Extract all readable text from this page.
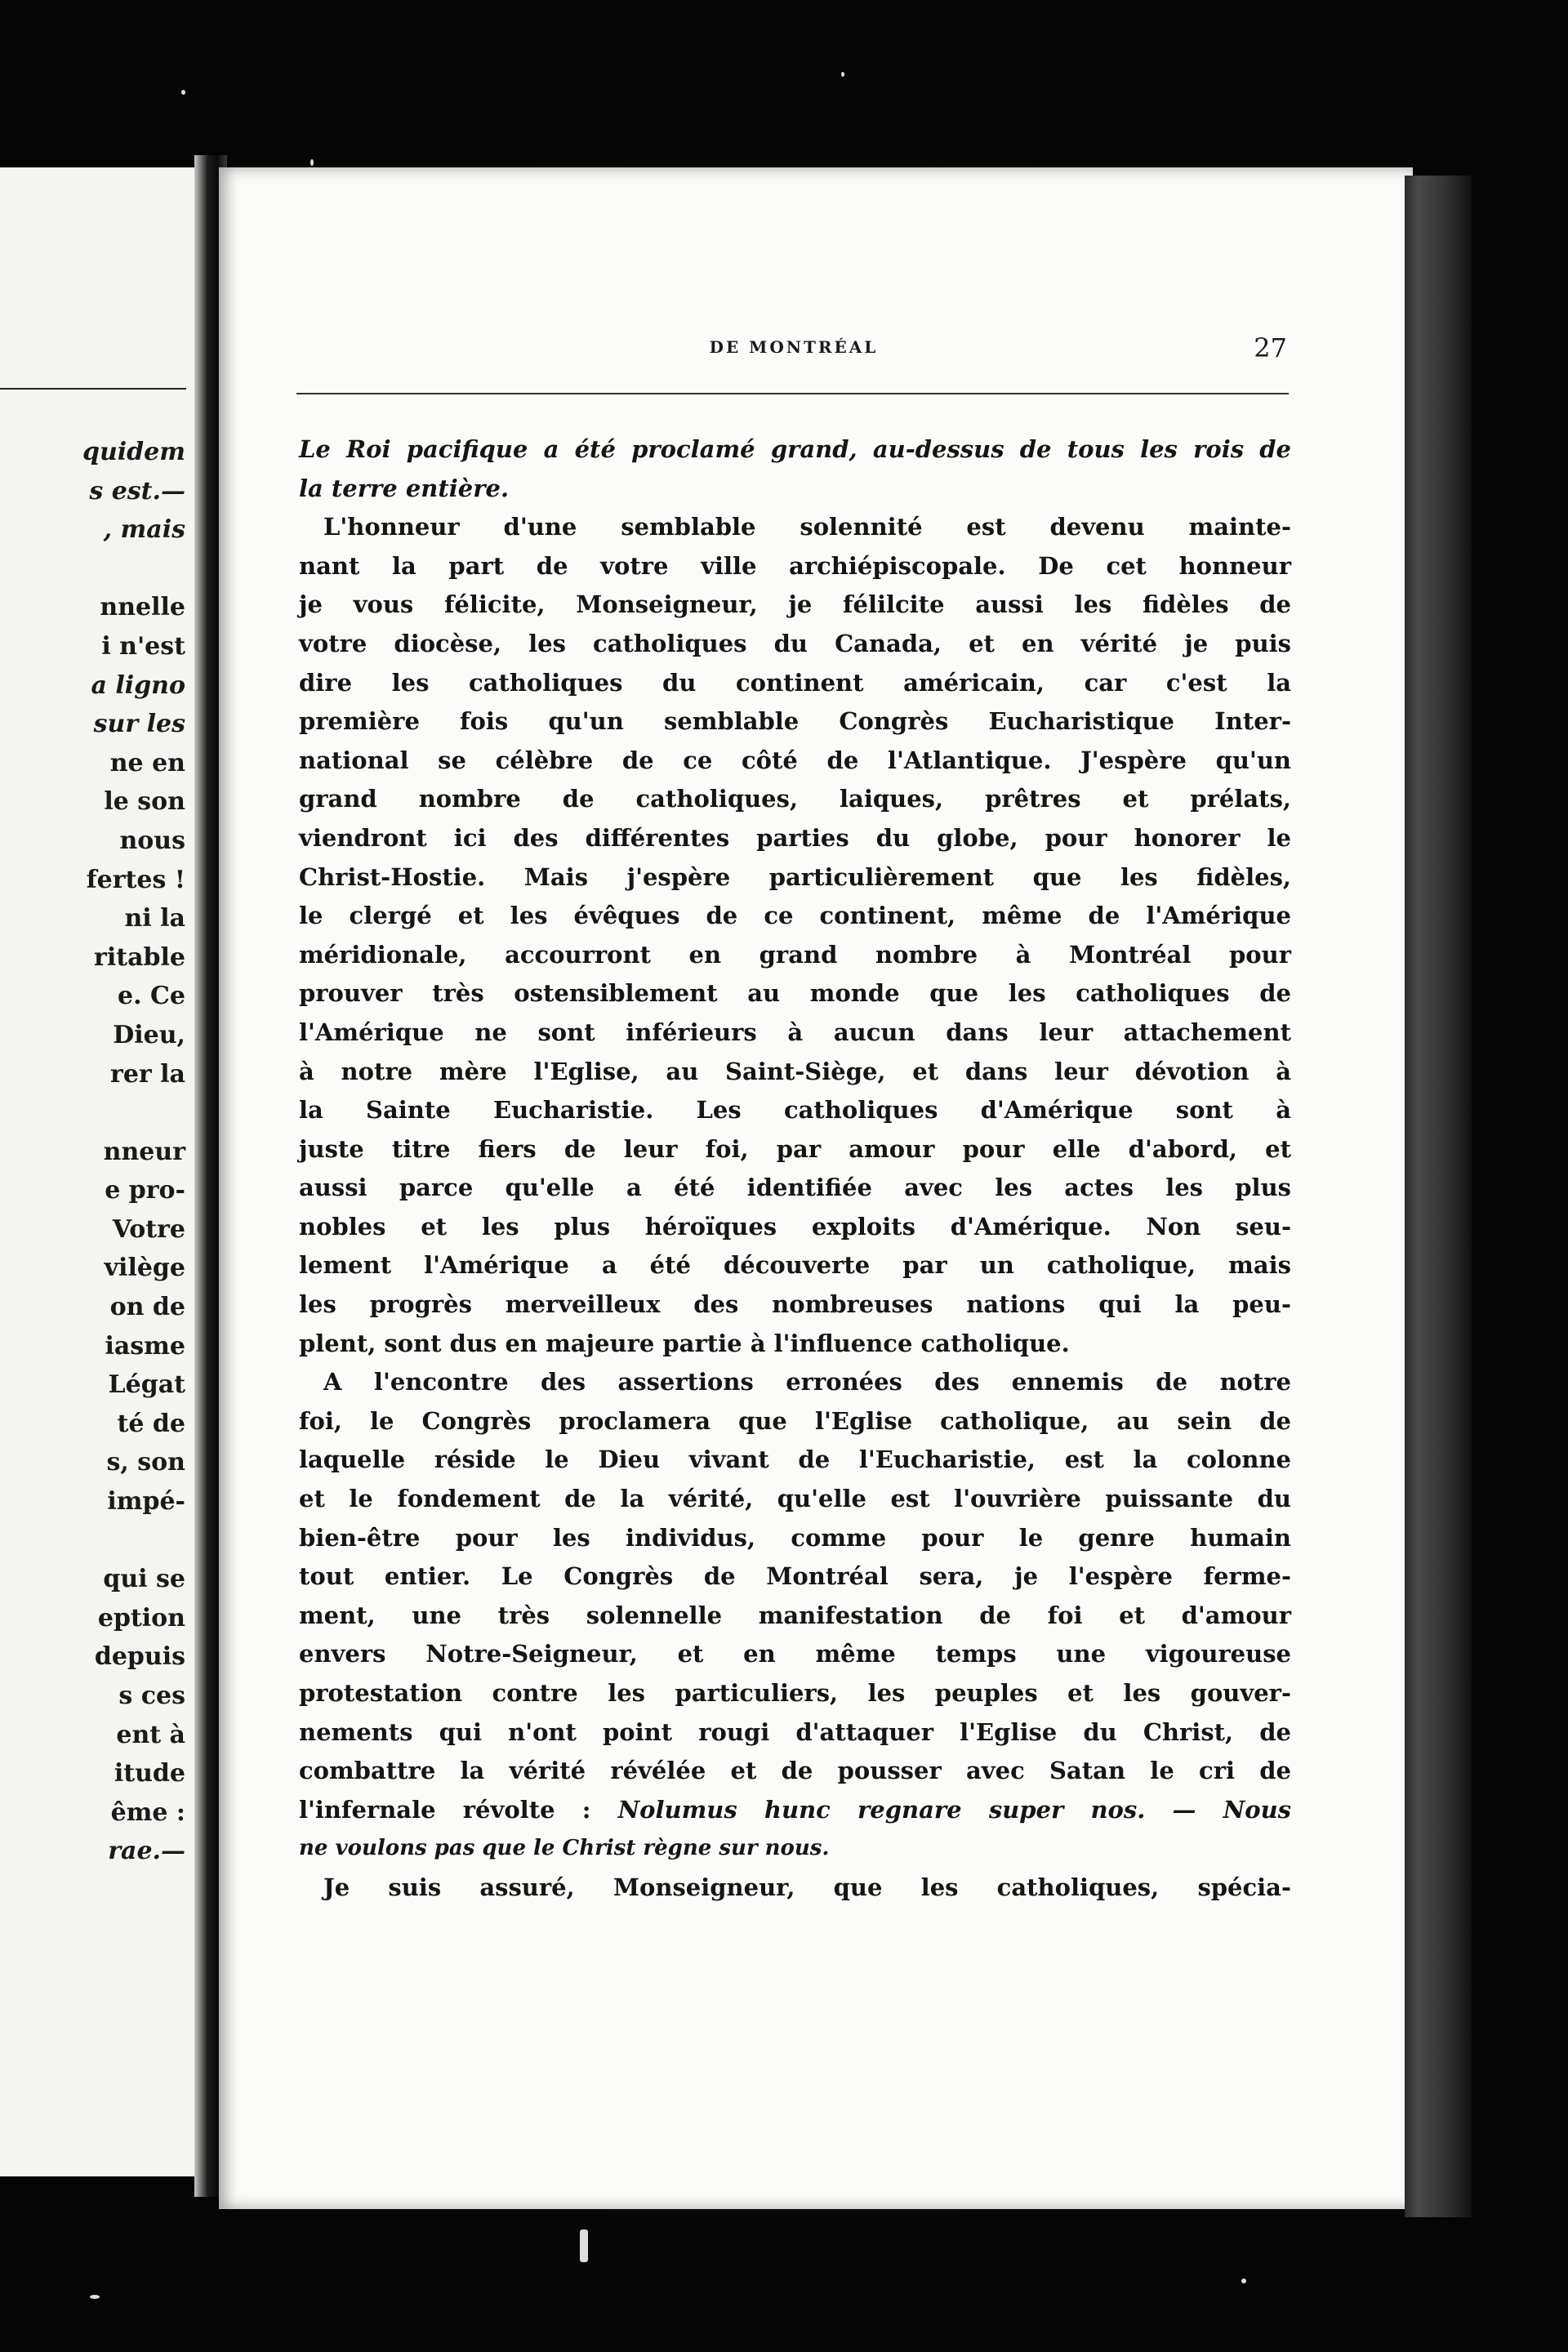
quidem
s est.—
, mais
nnelle
i n'est
a ligno
sur les
ne en
le son
nous
fertes !
ni la
ritable
e. Ce
Dieu,
rer la
nneur
e pro-
Votre
vilège
on de
iasme
Légat
té de
s, son
impé-
qui se
eption
depuis
s ces
ent à
itude
ême :
rae.—
DE MONTRÉAL	27
Le Roi pacifique a été proclamé grand, au-dessus de tous les rois de
la terre entière.
L'honneur d'une semblable solennité est devenu mainte-
nant la part de votre ville archiépiscopale. De cet honneur
je vous félicite, Monseigneur, je félilcite aussi les fidèles de
votre diocèse, les catholiques du Canada, et en vérité je puis
dire les catholiques du continent américain, car c'est la
première fois qu'un semblable Congrès Eucharistique Inter-
national se célèbre de ce côté de l'Atlantique. J'espère qu'un
grand nombre de catholiques, laiques, prêtres et prélats,
viendront ici des différentes parties du globe, pour honorer le
Christ-Hostie. Mais j'espère particulièrement que les fidèles,
le clergé et les évêques de ce continent, même de l'Amérique
méridionale, accourront en grand nombre à Montréal pour
prouver très ostensiblement au monde que les catholiques de
l'Amérique ne sont inférieurs à aucun dans leur attachement
à notre mère l'Eglise, au Saint-Siège, et dans leur dévotion à
la Sainte Eucharistie. Les catholiques d'Amérique sont à
juste titre fiers de leur foi, par amour pour elle d'abord, et
aussi parce qu'elle a été identifiée avec les actes les plus
nobles et les plus héroïques exploits d'Amérique. Non seu-
lement l'Amérique a été découverte par un catholique, mais
les progrès merveilleux des nombreuses nations qui la peu-
plent, sont dus en majeure partie à l'influence catholique.
A l'encontre des assertions erronées des ennemis de notre
foi, le Congrès proclamera que l'Eglise catholique, au sein de
laquelle réside le Dieu vivant de l'Eucharistie, est la colonne
et le fondement de la vérité, qu'elle est l'ouvrière puissante du
bien-être pour les individus, comme pour le genre humain
tout entier. Le Congrès de Montréal sera, je l'espère ferme-
ment, une très solennelle manifestation de foi et d'amour
envers Notre-Seigneur, et en même temps une vigoureuse
protestation contre les particuliers, les peuples et les gouver-
nements qui n'ont point rougi d'attaquer l'Eglise du Christ, de
combattre la vérité révélée et de pousser avec Satan le cri de
l'infernale révolte : Nolumus hunc regnare super nos. — Nous
ne voulons pas que le Christ règne sur nous.
Je suis assuré, Monseigneur, que les catholiques, spécia-
